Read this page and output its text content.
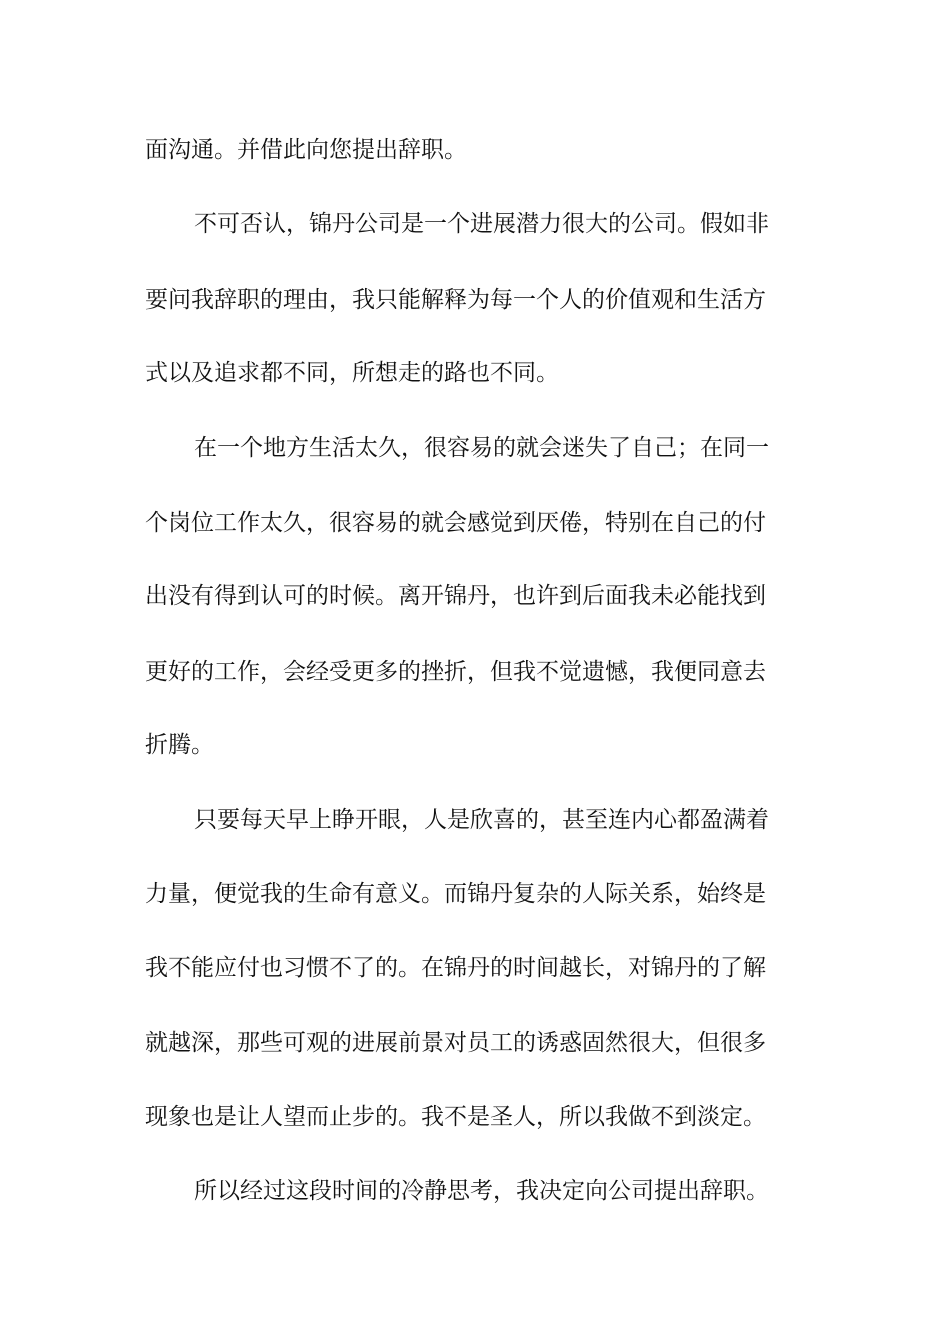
面沟通。并借此向您提出辞职。
不可否认，锦丹公司是一个进展潜力很大的公司。假如非
要问我辞职的理由，我只能解释为每一个人的价值观和生活方
式以及追求都不同，所想走的路也不同。
在一个地方生活太久，很容易的就会迷失了自己；在同一
个岗位工作太久，很容易的就会感觉到厌倦，特别在自己的付
出没有得到认可的时候。离开锦丹，也许到后面我未必能找到
更好的工作，会经受更多的挫折，但我不觉遗憾，我便同意去
折腾。
只要每天早上睁开眼，人是欣喜的，甚至连内心都盈满着
力量，便觉我的生命有意义。而锦丹复杂的人际关系，始终是
我不能应付也习惯不了的。在锦丹的时间越长，对锦丹的了解
就越深，那些可观的进展前景对员工的诱惑固然很大，但很多
现象也是让人望而止步的。我不是圣人，所以我做不到淡定。
所以经过这段时间的冷静思考，我决定向公司提出辞职。
